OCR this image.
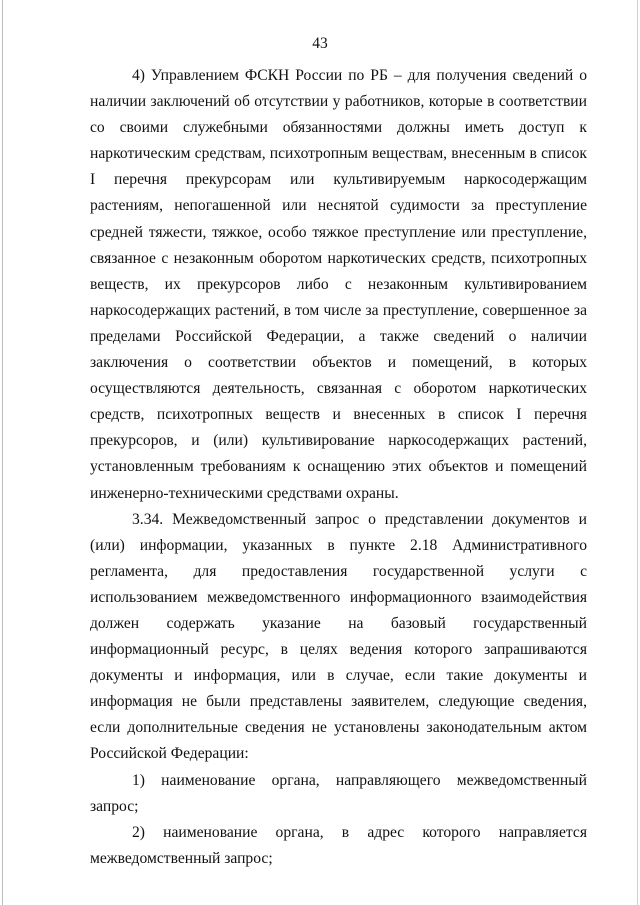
43

4) Управлением ФСКН России по РБ – для получения сведений о наличии заключений об отсутствии у работников, которые в соответствии со своими служебными обязанностями должны иметь доступ к наркотическим средствам, психотропным веществам, внесенным в список I перечня прекурсорам или культивируемым наркосодержащим растениям, непогашенной или неснятой судимости за преступление средней тяжести, тяжкое, особо тяжкое преступление или преступление, связанное с незаконным оборотом наркотических средств, психотропных веществ, их прекурсоров либо с незаконным культивированием наркосодержащих растений, в том числе за преступление, совершенное за пределами Российской Федерации, а также сведений о наличии заключения о соответствии объектов и помещений, в которых осуществляются деятельность, связанная с оборотом наркотических средств, психотропных веществ и внесенных в список I перечня прекурсоров, и (или) культивирование наркосодержащих растений, установленным требованиям к оснащению этих объектов и помещений инженерно-техническими средствами охраны.

3.34. Межведомственный запрос о представлении документов и (или) информации, указанных в пункте 2.18 Административного регламента, для предоставления государственной услуги с использованием межведомственного информационного взаимодействия должен содержать указание на базовый государственный информационный ресурс, в целях ведения которого запрашиваются документы и информация, или в случае, если такие документы и информация не были представлены заявителем, следующие сведения, если дополнительные сведения не установлены законодательным актом Российской Федерации:

1) наименование органа, направляющего межведомственный запрос;

2) наименование органа, в адрес которого направляется межведомственный запрос;
